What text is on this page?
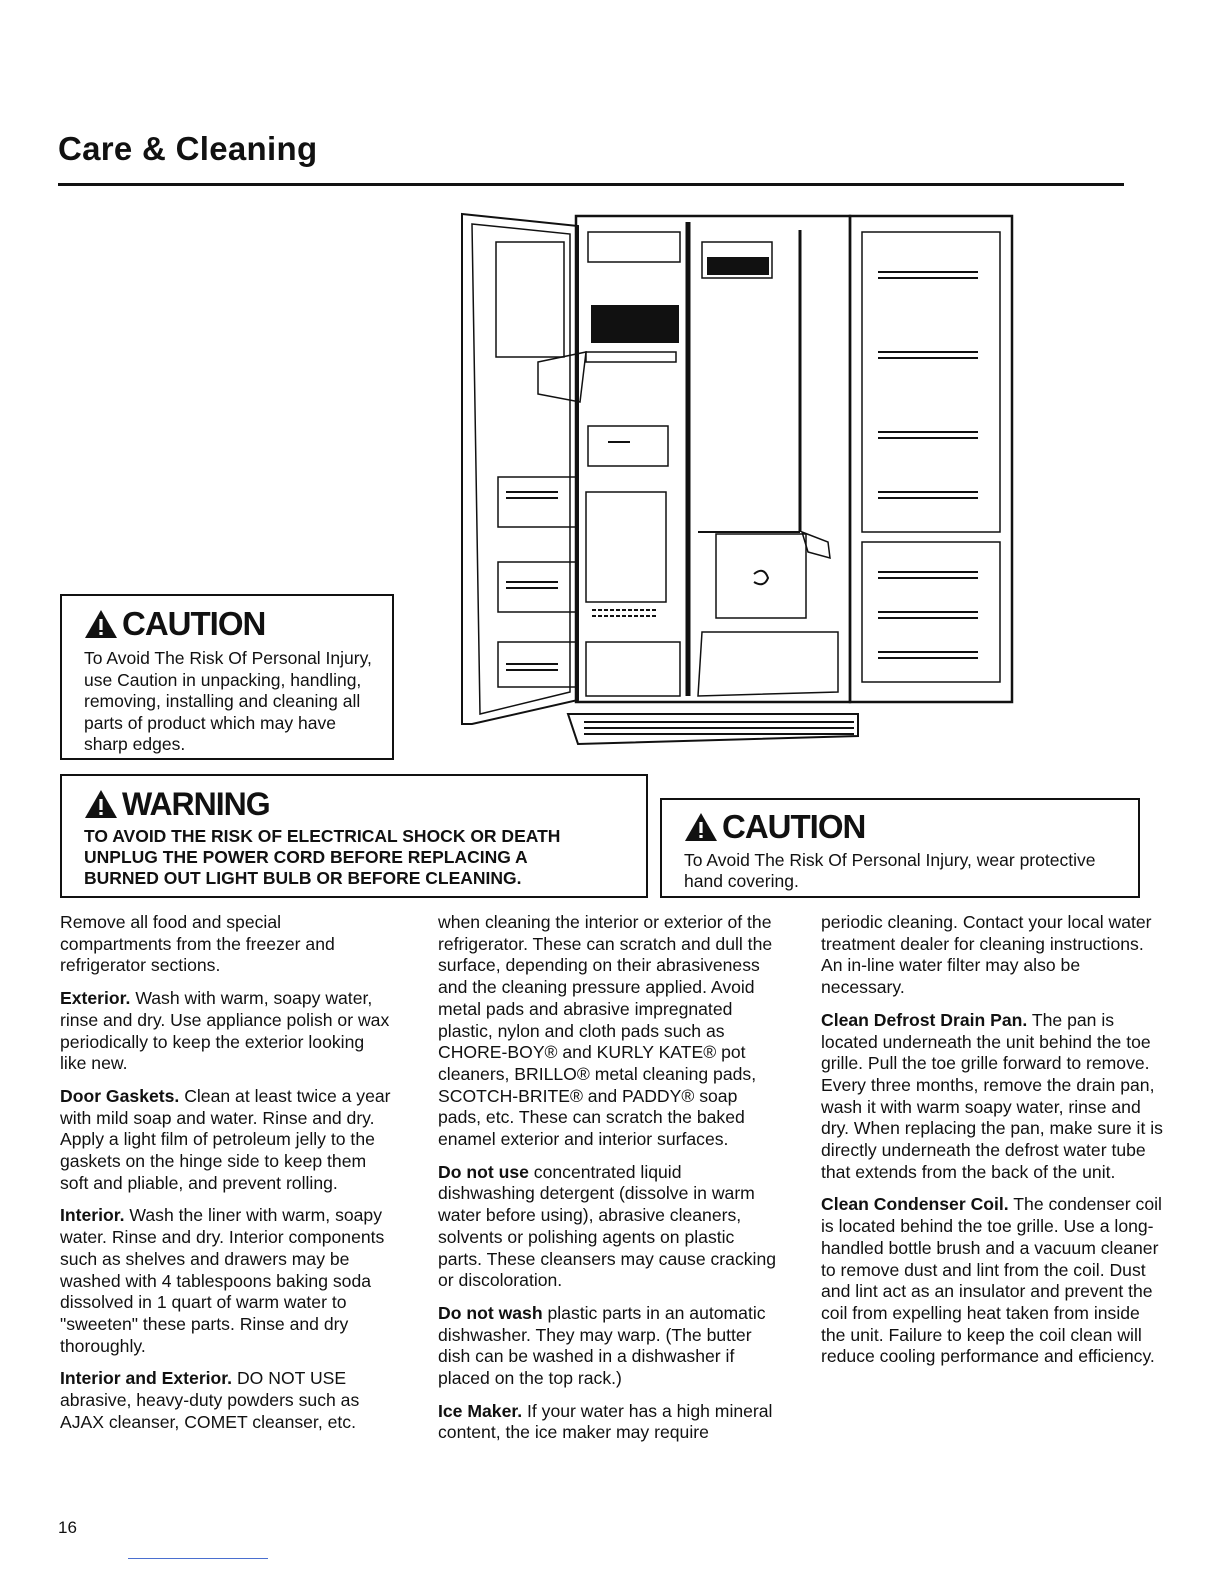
Care & Cleaning
CAUTION
To Avoid The Risk Of Personal Injury, use Caution in unpacking, handling, removing, installing and cleaning all parts of product which may have sharp edges.
WARNING
TO AVOID THE RISK OF ELECTRICAL SHOCK OR DEATH
UNPLUG THE POWER CORD BEFORE REPLACING A
BURNED OUT LIGHT BULB OR BEFORE CLEANING.
CAUTION
To Avoid The Risk Of Personal Injury, wear protective hand covering.

Remove all food and special compartments from the freezer and refrigerator sections.

Exterior. Wash with warm, soapy water, rinse and dry. Use appliance polish or wax periodically to keep the exterior looking like new.

Door Gaskets. Clean at least twice a year with mild soap and water. Rinse and dry. Apply a light film of petroleum jelly to the gaskets on the hinge side to keep them soft and pliable, and prevent rolling.

Interior. Wash the liner with warm, soapy water. Rinse and dry. Interior components such as shelves and drawers may be washed with 4 tablespoons baking soda dissolved in 1 quart of warm water to "sweeten" these parts. Rinse and dry thoroughly.

Interior and Exterior. DO NOT USE abrasive, heavy-duty powders such as AJAX cleanser, COMET cleanser, etc.

when cleaning the interior or exterior of the refrigerator. These can scratch and dull the surface, depending on their abrasiveness and the cleaning pressure applied. Avoid metal pads and abrasive impregnated plastic, nylon and cloth pads such as CHORE-BOY® and KURLY KATE® pot cleaners, BRILLO® metal cleaning pads, SCOTCH-BRITE® and PADDY® soap pads, etc. These can scratch the baked enamel exterior and interior surfaces.

Do not use concentrated liquid dishwashing detergent (dissolve in warm water before using), abrasive cleaners, solvents or polishing agents on plastic parts. These cleansers may cause cracking or discoloration.

Do not wash plastic parts in an automatic dishwasher. They may warp. (The butter dish can be washed in a dishwasher if placed on the top rack.)

Ice Maker. If your water has a high mineral content, the ice maker may require

periodic cleaning. Contact your local water treatment dealer for cleaning instructions. An in-line water filter may also be necessary.

Clean Defrost Drain Pan. The pan is located underneath the unit behind the toe grille. Pull the toe grille forward to remove. Every three months, remove the drain pan, wash it with warm soapy water, rinse and dry. When replacing the pan, make sure it is directly underneath the defrost water tube that extends from the back of the unit.

Clean Condenser Coil. The condenser coil is located behind the toe grille. Use a long-handled bottle brush and a vacuum cleaner to remove dust and lint from the coil. Dust and lint act as an insulator and prevent the coil from expelling heat taken from inside the unit. Failure to keep the coil clean will reduce cooling performance and efficiency.

16
